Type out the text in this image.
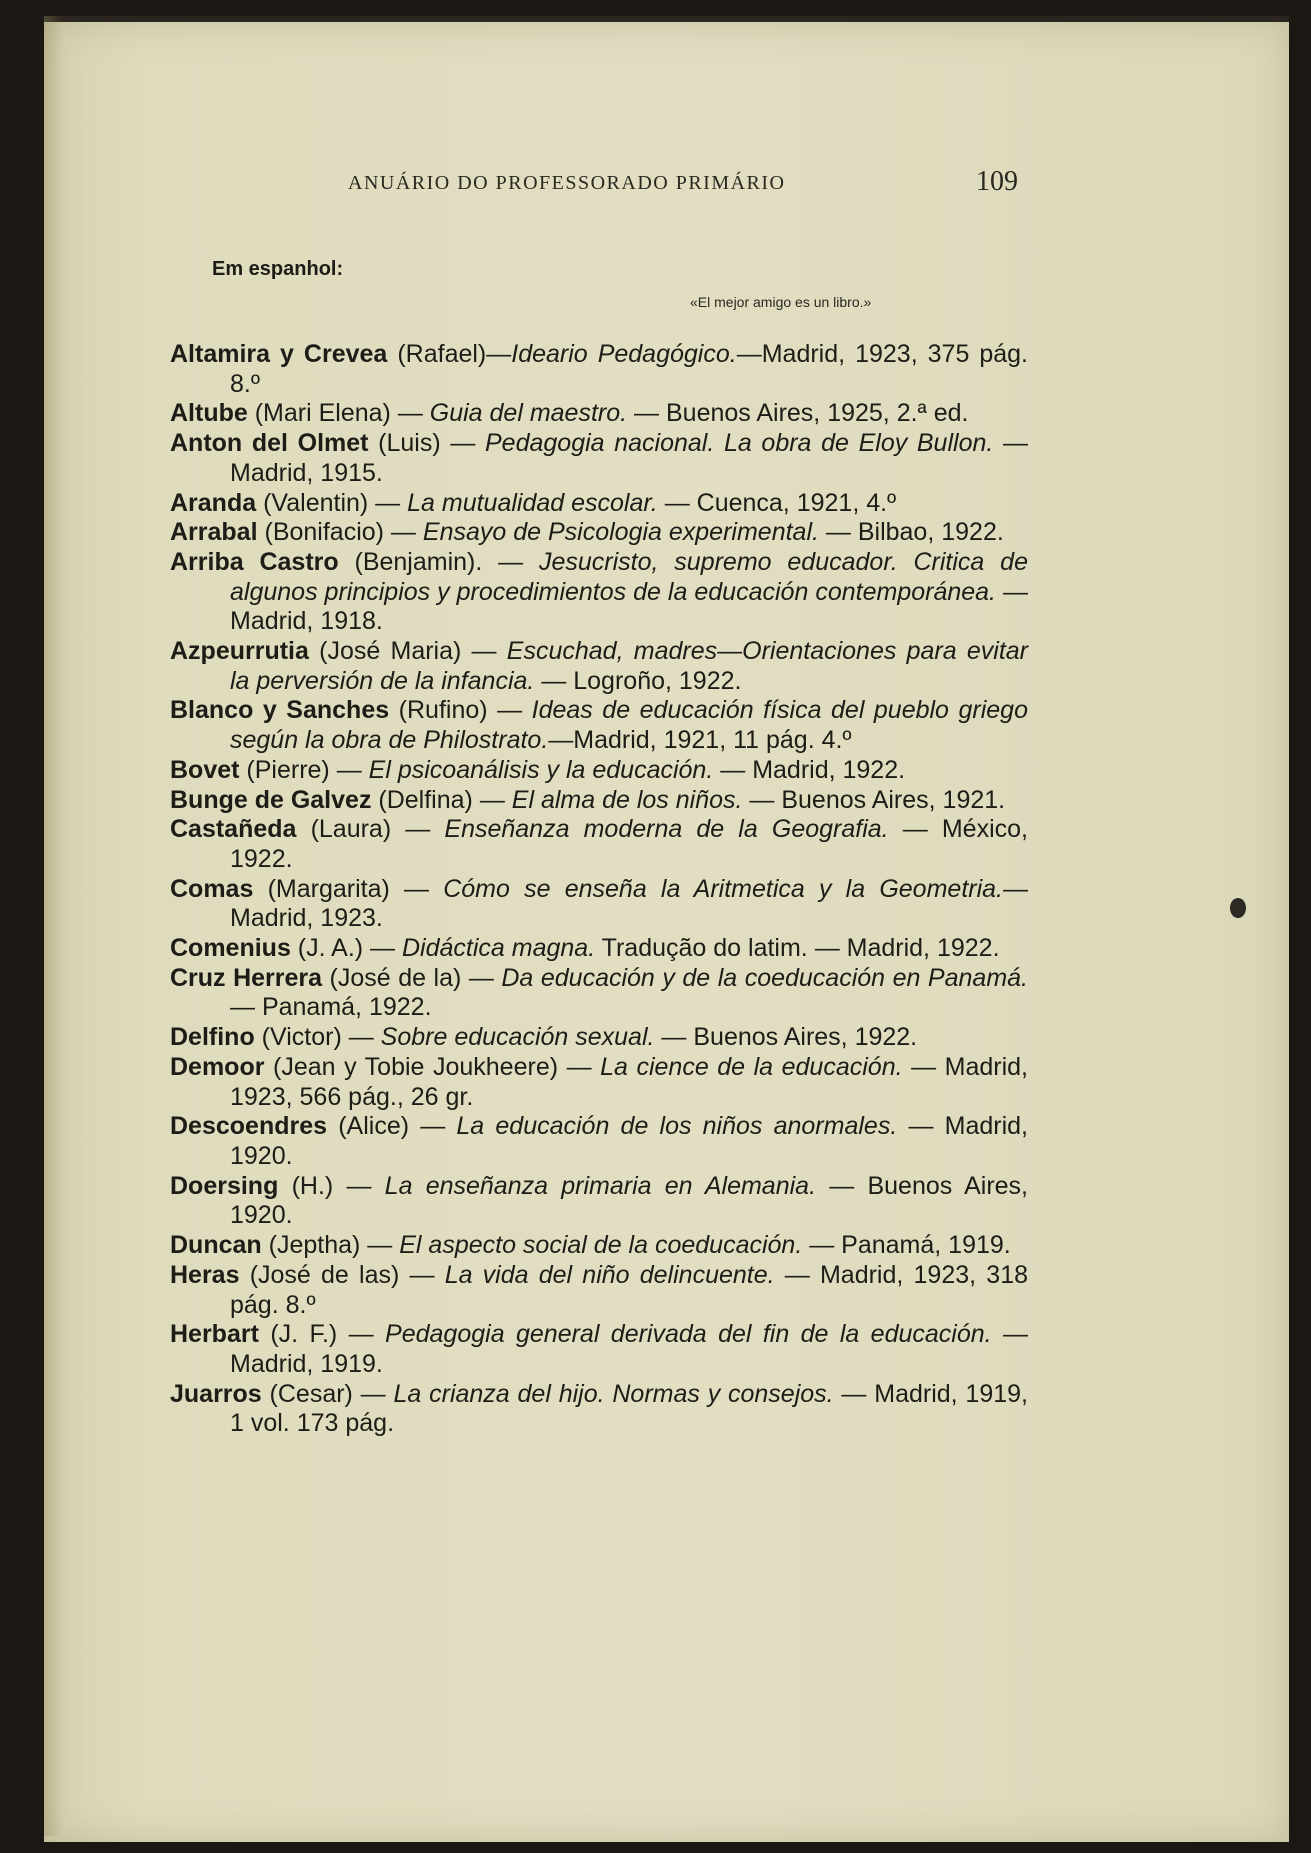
ANUÁRIO DO PROFESSORADO PRIMÁRIO	109
Em espanhol:
«El mejor amigo es un libro.»
Altamira y Crevea (Rafael)—Ideario Pedagógico.—Madrid, 1923, 375 pág. 8.º
Altube (Mari Elena) — Guia del maestro. — Buenos Aires, 1925, 2.ª ed.
Anton del Olmet (Luis) — Pedagogia nacional. La obra de Eloy Bullon. — Madrid, 1915.
Aranda (Valentin) — La mutualidad escolar. — Cuenca, 1921, 4.º
Arrabal (Bonifacio) — Ensayo de Psicologia experimental. — Bilbao, 1922.
Arriba Castro (Benjamin). — Jesucristo, supremo educador. Critica de algunos principios y procedimientos de la educación contemporánea. — Madrid, 1918.
Azpeurrutia (José Maria) — Escuchad, madres—Orientaciones para evitar la perversión de la infancia. — Logroño, 1922.
Blanco y Sanches (Rufino) — Ideas de educación física del pueblo griego según la obra de Philostrato.—Madrid, 1921, 11 pág. 4.º
Bovet (Pierre) — El psicoanálisis y la educación. — Madrid, 1922.
Bunge de Galvez (Delfina) — El alma de los niños. — Buenos Aires, 1921.
Castañeda (Laura) — Enseñanza moderna de la Geografia. — México, 1922.
Comas (Margarita) — Cómo se enseña la Aritmetica y la Geometria.—Madrid, 1923.
Comenius (J. A.) — Didáctica magna. Tradução do latim. — Madrid, 1922.
Cruz Herrera (José de la) — Da educación y de la coeducación en Panamá. — Panamá, 1922.
Delfino (Victor) — Sobre educación sexual. — Buenos Aires, 1922.
Demoor (Jean y Tobie Joukheere) — La cience de la educación. — Madrid, 1923, 566 pág., 26 gr.
Descoendres (Alice) — La educación de los niños anormales. — Madrid, 1920.
Doersing (H.) — La enseñanza primaria en Alemania. — Buenos Aires, 1920.
Duncan (Jeptha) — El aspecto social de la coeducación. — Panamá, 1919.
Heras (José de las) — La vida del niño delincuente. — Madrid, 1923, 318 pág. 8.º
Herbart (J. F.) — Pedagogia general derivada del fin de la educación. — Madrid, 1919.
Juarros (Cesar) — La crianza del hijo. Normas y consejos. — Madrid, 1919, 1 vol. 173 pág.
